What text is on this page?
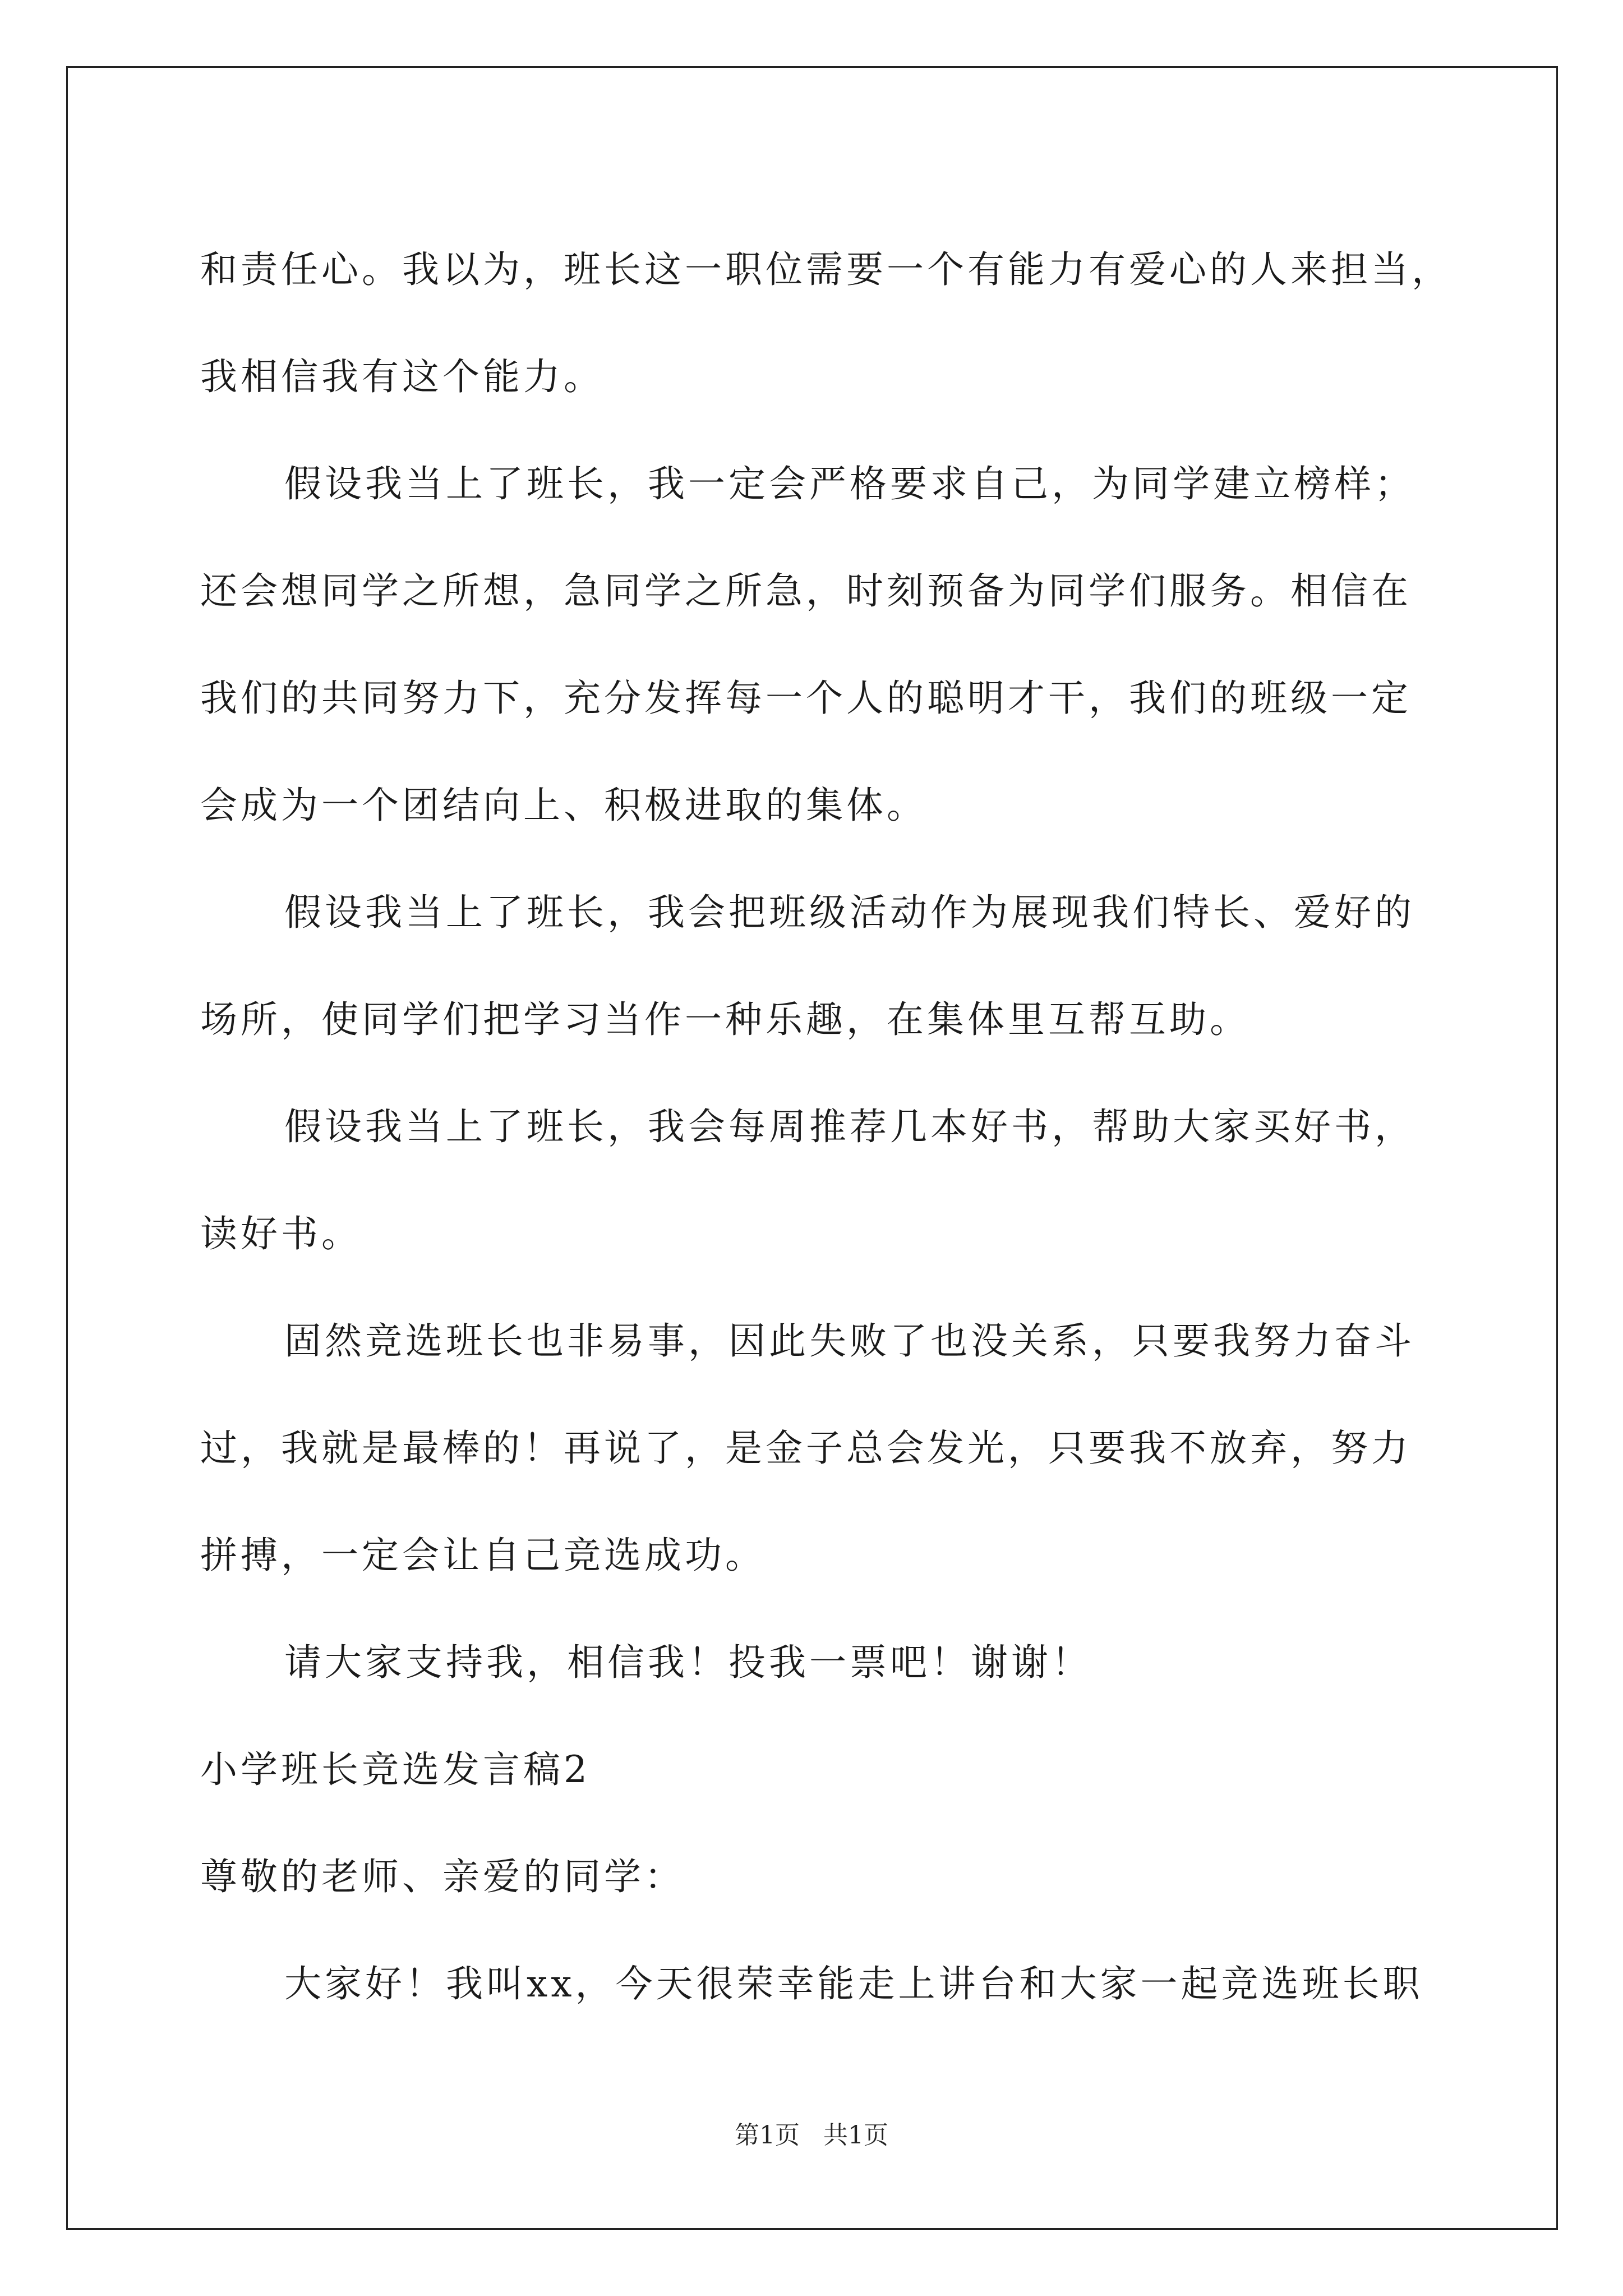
和责任心。我以为，班长这一职位需要一个有能力有爱心的人来担当，
我相信我有这个能力。
假设我当上了班长，我一定会严格要求自己，为同学建立榜样；
还会想同学之所想，急同学之所急，时刻预备为同学们服务。相信在
我们的共同努力下，充分发挥每一个人的聪明才干，我们的班级一定
会成为一个团结向上、积极进取的集体。
假设我当上了班长，我会把班级活动作为展现我们特长、爱好的
场所，使同学们把学习当作一种乐趣，在集体里互帮互助。
假设我当上了班长，我会每周推荐几本好书，帮助大家买好书，
读好书。
固然竞选班长也非易事，因此失败了也没关系，只要我努力奋斗
过，我就是最棒的！再说了，是金子总会发光，只要我不放弃，努力
拼搏，一定会让自己竞选成功。
请大家支持我，相信我！投我一票吧！谢谢！
小学班长竞选发言稿2
尊敬的老师、亲爱的同学：
大家好！我叫xx，今天很荣幸能走上讲台和大家一起竞选班长职
第1页   共1页
